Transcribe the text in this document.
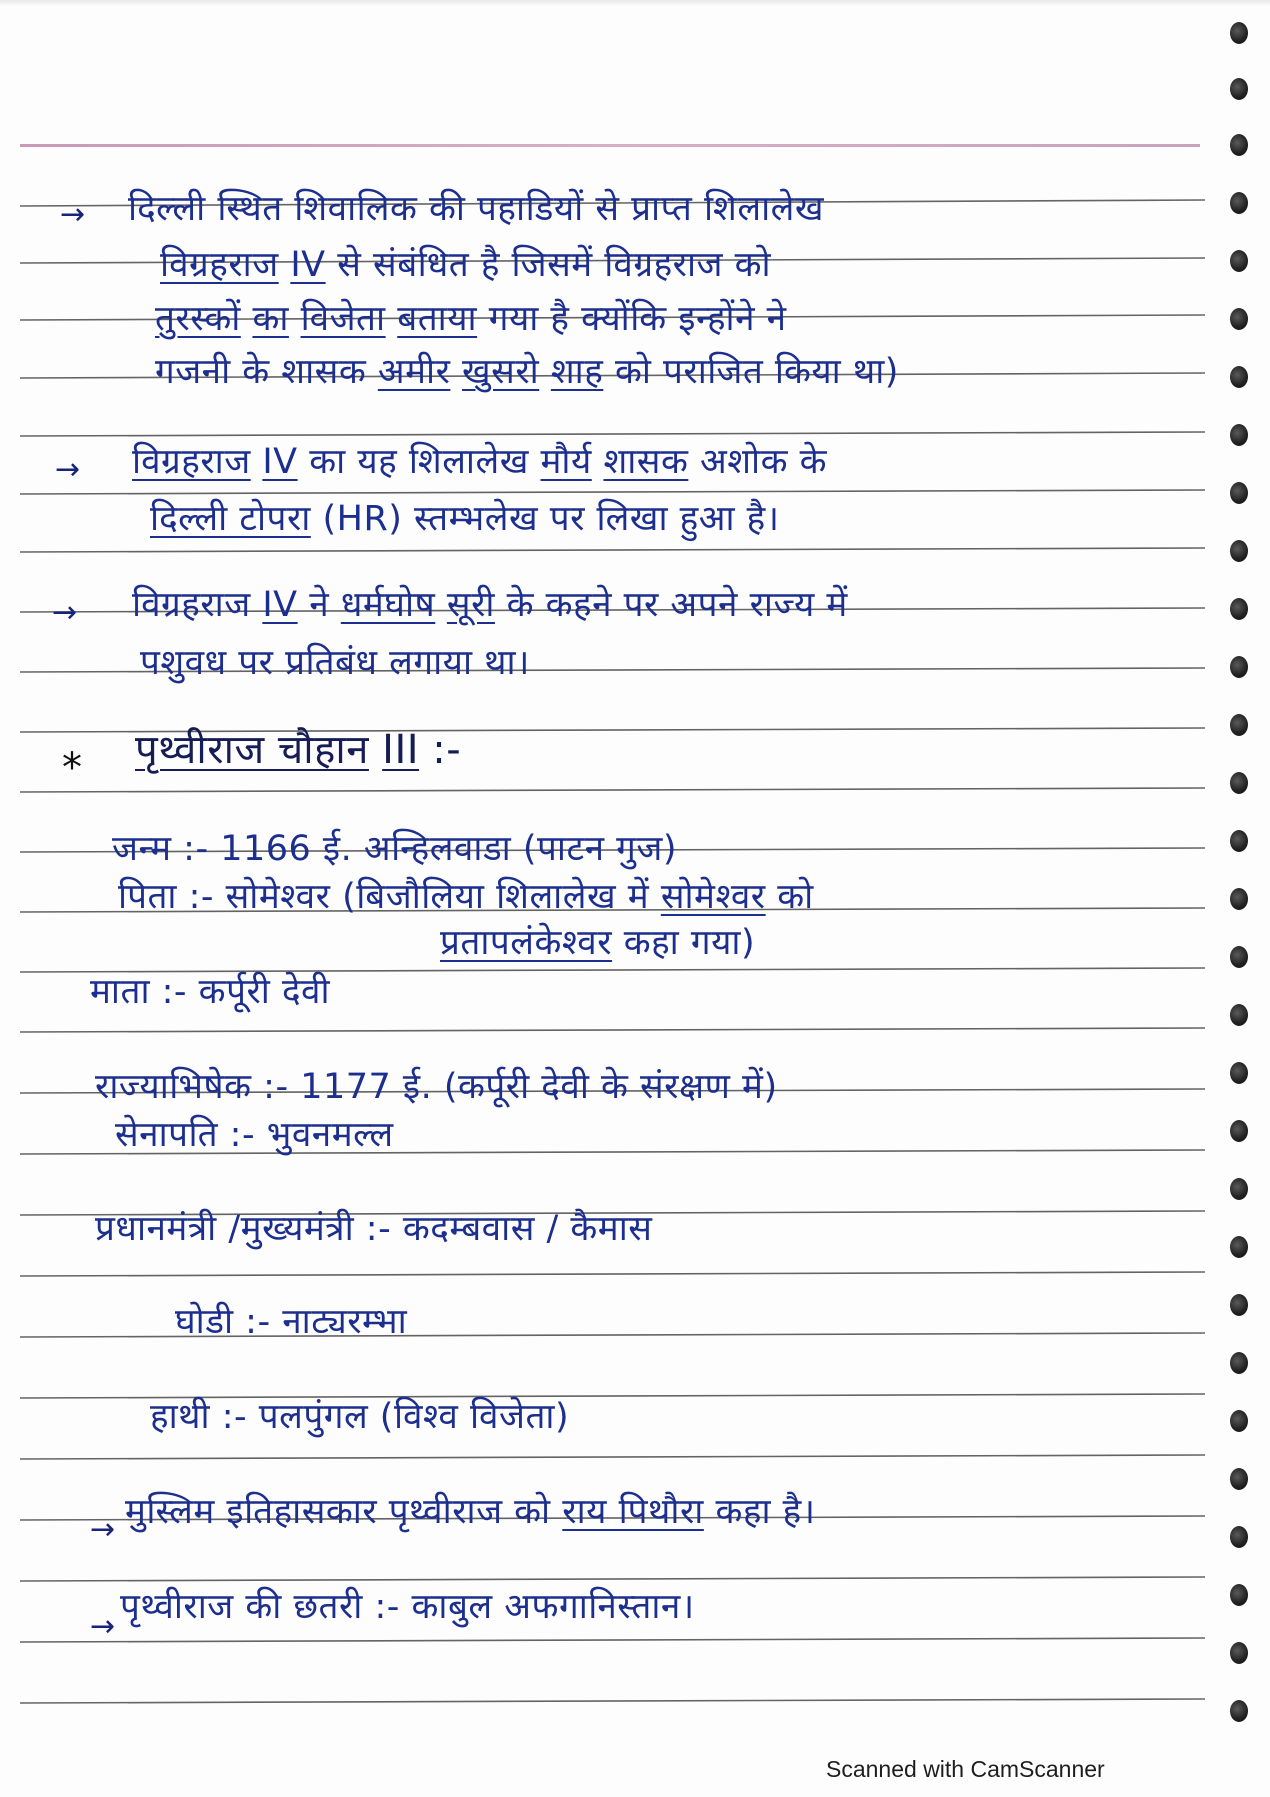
→ दिल्ली स्थित शिवालिक की पहाडियों से प्राप्त शिलालेख
विग्रहराज IV से संबंधित है जिसमें विग्रहराज को
तुरस्कों का विजेता बताया गया है क्योंकि इन्होंने ने
गजनी के शासक अमीर खुसरो शाह को पराजित किया था)
→ विग्रहराज IV का यह शिलालेख मौर्य शासक अशोक के
दिल्ली टोपरा (HR) स्तम्भलेख पर लिखा हुआ है।
→ विग्रहराज IV ने धर्मघोष सूरी के कहने पर अपने राज्य में
पशुवध पर प्रतिबंध लगाया था।
* पृथ्वीराज चौहान III :-
जन्म :- 1166 ई. अन्हिलवाडा (पाटन गुज)
पिता :- सोमेश्वर (बिजौलिया शिलालेख में सोमेश्वर को
प्रतापलंकेश्वर कहा गया)
माता :- कर्पूरी देवी
राज्याभिषेक :- 1177 ई. (कर्पूरी देवी के संरक्षण में)
सेनापति :- भुवनमल्ल
प्रधानमंत्री /मुख्यमंत्री :- कदम्बवास / कैमास
घोडी :- नाट्यरम्भा
हाथी :- पलपुंगल (विश्व विजेता)
→ मुस्लिम इतिहासकार पृथ्वीराज को राय पिथौरा कहा है।
→ पृथ्वीराज की छतरी :- काबुल अफगानिस्तान।
Scanned with CamScanner
